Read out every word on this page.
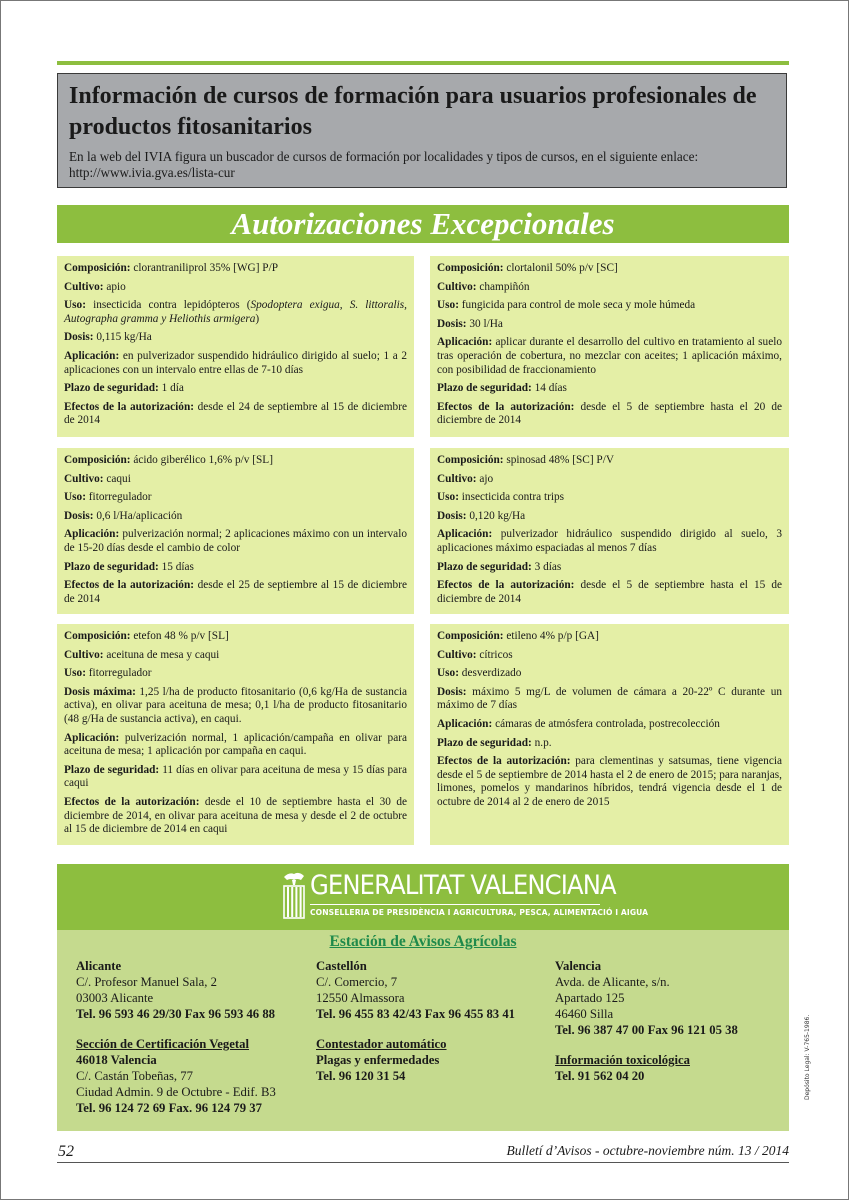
Información de cursos de formación para usuarios profesionales de productos fitosanitarios

En la web del IVIA figura un buscador de cursos de formación por localidades y tipos de cursos, en el siguiente enlace:
http://www.ivia.gva.es/lista-cur

Autorizaciones Excepcionales

Composición: clorantraniliprol 35% [WG] P/P

Cultivo: apio

Uso: insecticida contra lepidópteros (Spodoptera exigua, S. littoralis, Autographa gramma y Heliothis armigera)

Dosis: 0,115 kg/Ha

Aplicación: en pulverizador suspendido hidráulico dirigido al suelo; 1 a 2 aplicaciones con un intervalo entre ellas de 7-10 días

Plazo de seguridad: 1 día

Efectos de la autorización: desde el 24 de septiembre al 15 de diciembre de 2014

Composición: clortalonil 50% p/v [SC]

Cultivo: champiñón

Uso: fungicida para control de mole seca y mole húmeda

Dosis: 30 l/Ha

Aplicación: aplicar durante el desarrollo del cultivo en tratamiento al suelo tras operación de cobertura, no mezclar con aceites; 1 aplicación máximo, con posibilidad de fraccionamiento

Plazo de seguridad: 14 días

Efectos de la autorización: desde el 5 de septiembre hasta el 20 de diciembre de 2014

Composición: ácido giberélico 1,6% p/v [SL]

Cultivo: caqui

Uso: fitorregulador

Dosis: 0,6 l/Ha/aplicación

Aplicación: pulverización normal; 2 aplicaciones máximo con un intervalo de 15-20 días desde el cambio de color

Plazo de seguridad: 15 días

Efectos de la autorización: desde el 25 de septiembre al 15 de diciembre de 2014

Composición: spinosad 48% [SC] P/V

Cultivo: ajo

Uso: insecticida contra trips

Dosis: 0,120 kg/Ha

Aplicación: pulverizador hidráulico suspendido dirigido al suelo, 3 aplicaciones máximo espaciadas al menos 7 días

Plazo de seguridad: 3 días

Efectos de la autorización: desde el 5 de septiembre hasta el 15 de diciembre de 2014

Composición: etefon 48 % p/v [SL]

Cultivo: aceituna de mesa y caqui

Uso: fitorregulador

Dosis máxima: 1,25 l/ha de producto fitosanitario (0,6 kg/Ha de sustancia activa), en olivar para aceituna de mesa; 0,1 l/ha de producto fitosanitario (48 g/Ha de sustancia activa), en caqui.

Aplicación: pulverización normal, 1 aplicación/campaña en olivar para aceituna de mesa; 1 aplicación por campaña en caqui.

Plazo de seguridad: 11 días en olivar para aceituna de mesa y 15 días para caqui

Efectos de la autorización: desde el 10 de septiembre hasta el 30 de diciembre de 2014, en olivar para aceituna de mesa y desde el 2 de octubre al 15 de diciembre de 2014 en caqui

Composición: etileno 4% p/p [GA]

Cultivo: cítricos

Uso: desverdizado

Dosis: máximo 5 mg/L de volumen de cámara a 20-22º C durante un máximo de 7 días

Aplicación: cámaras de atmósfera controlada, postrecolección

Plazo de seguridad: n.p.

Efectos de la autorización: para clementinas y satsumas, tiene vigencia desde el 5 de septiembre de 2014 hasta el 2 de enero de 2015; para naranjas, limones, pomelos y mandarinos híbridos, tendrá vigencia desde el 1 de octubre de 2014 al 2 de enero de 2015

GENERALITAT VALENCIANA
CONSELLERIA DE PRESIDÈNCIA I AGRICULTURA, PESCA, ALIMENTACIÓ I AIGUA
Estación de Avisos Agrícolas
Alicante
C/. Profesor Manuel Sala, 2
03003 Alicante
Tel. 96 593 46 29/30 Fax 96 593 46 88
Sección de Certificación Vegetal
46018 Valencia
C/. Castán Tobeñas, 77
Ciudad Admin. 9 de Octubre - Edif. B3
Tel. 96 124 72 69 Fax. 96 124 79 37
Castellón
C/. Comercio, 7
12550 Almassora
Tel. 96 455 83 42/43 Fax 96 455 83 41
Contestador automático
Plagas y enfermedades
Tel. 96 120 31 54
Valencia
Avda. de Alicante, s/n.
Apartado 125
46460 Silla
Tel. 96 387 47 00 Fax 96 121 05 38
Información toxicológica
Tel. 91 562 04 20	Depósito Legal: V-765-1986.
52	Bulletí d’Avisos - octubre-noviembre núm. 13 / 2014
